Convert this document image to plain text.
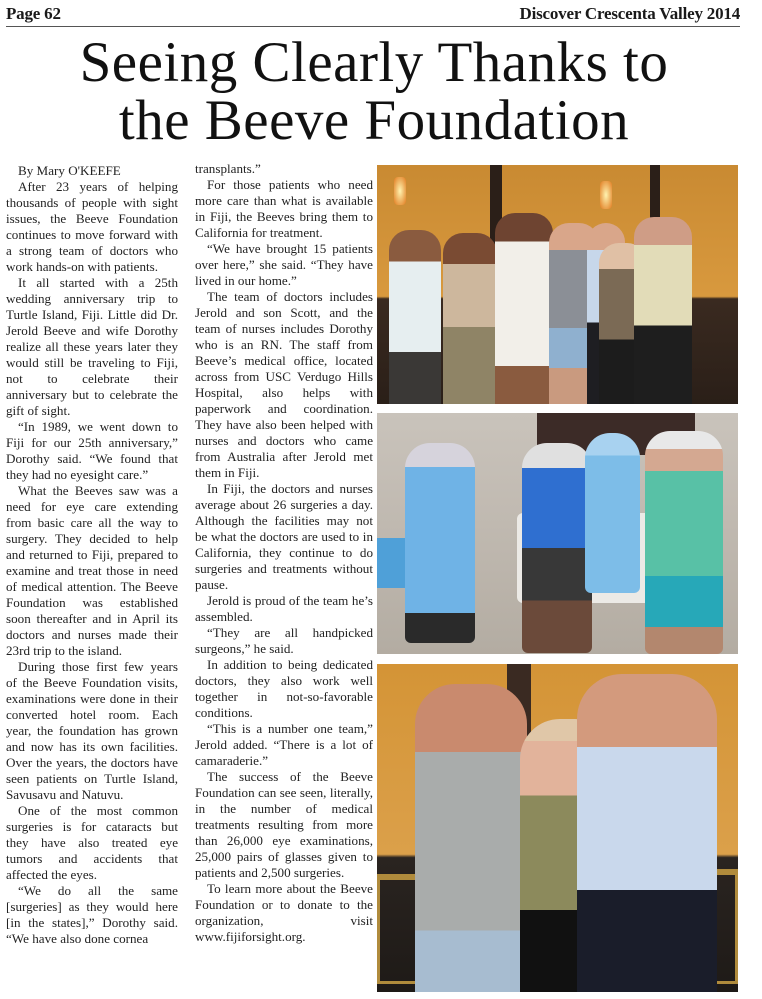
Page 62	Discover Crescenta Valley 2014
Seeing Clearly Thanks to
the Beeve Foundation

By Mary O'KEEFE

After 23 years of helping thousands of people with sight issues, the Beeve Foundation continues to move forward with a strong team of doctors who work hands-on with patients.

It all started with a 25th wedding anniversary trip to Turtle Island, Fiji. Little did Dr. Jerold Beeve and wife Dorothy realize all these years later they would still be traveling to Fiji, not to celebrate their anniversary but to celebrate the gift of sight.

“In 1989, we went down to Fiji for our 25th anniversary,” Dorothy said. “We found that they had no eyesight care.”

What the Beeves saw was a need for eye care extending from basic care all the way to surgery. They decided to help and returned to Fiji, prepared to examine and treat those in need of medical attention. The Beeve Foundation was established soon thereafter and in April its doctors and nurses made their 23rd trip to the island.

During those first few years of the Beeve Foundation visits, examinations were done in their converted hotel room. Each year, the foundation has grown and now has its own facilities. Over the years, the doctors have seen patients on Turtle Island, Savusavu and Natuvu.

One of the most common surgeries is for cataracts but they have also treated eye tumors and accidents that affected the eyes.

“We do all the same [surgeries] as they would here [in the states],” Dorothy said. “We have also done cornea

transplants.”

For those patients who need more care than what is available in Fiji, the Beeves bring them to California for treatment.

“We have brought 15 patients over here,” she said. “They have lived in our home.”

The team of doctors includes Jerold and son Scott, and the team of nurses includes Dorothy who is an RN. The staff from Beeve’s medical office, located across from USC Verdugo Hills Hospital, also helps with paperwork and coordination. They have also been helped with nurses and doctors who came from Australia after Jerold met them in Fiji.

In Fiji, the doctors and nurses average about 26 surgeries a day. Although the facilities may not be what the doctors are used to in California, they continue to do surgeries and treatments without pause.

Jerold is proud of the team he’s assembled.

“They are all handpicked surgeons,” he said.

In addition to being dedicated doctors, they also work well together in not-so-favorable conditions.

“This is a number one team,” Jerold added. “There is a lot of camaraderie.”

The success of the Beeve Foundation can see seen, literally, in the number of medical treatments resulting from more than 26,000 eye examinations, 25,000 pairs of glasses given to patients and 2,500 surgeries.

To learn more about the Beeve Foundation or to donate to the organization, visit www.fijiforsight.org.
